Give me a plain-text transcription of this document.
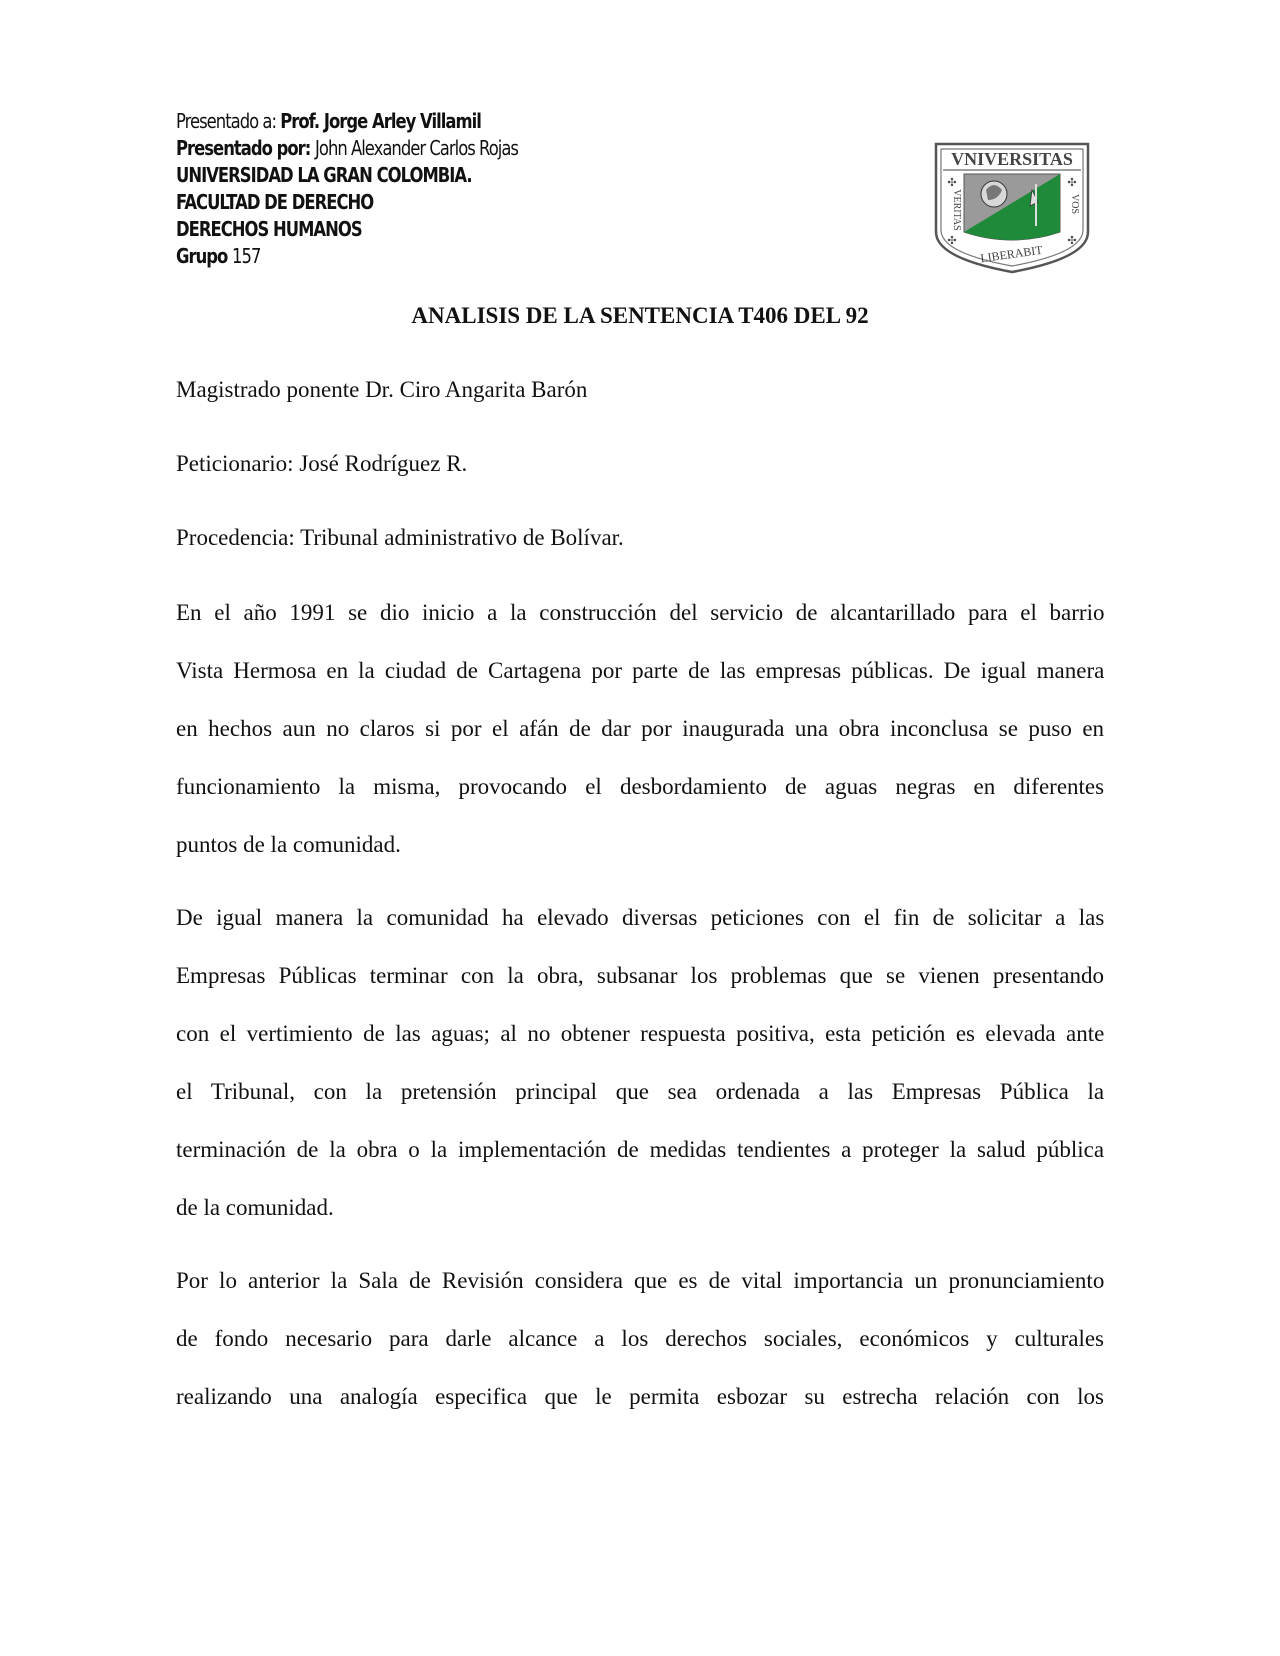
Presentado a: Prof. Jorge Arley Villamil
Presentado por: John Alexander Carlos Rojas
UNIVERSIDAD LA GRAN COLOMBIA.
FACULTAD DE DERECHO
DERECHOS HUMANOS
Grupo 157
VNIVERSITAS
VERITAS	VOS
LIBERABIT
✣	✣
✣	✣
ANALISIS DE LA SENTENCIA T406 DEL 92
Magistrado ponente Dr. Ciro Angarita Barón
Peticionario: José Rodríguez R.
Procedencia: Tribunal administrativo de Bolívar.
En el año 1991 se dio inicio a la construcción del servicio de alcantarillado para el barrio
Vista Hermosa en la ciudad de Cartagena por parte de las empresas públicas. De igual manera
en hechos aun no claros si por el afán de dar por inaugurada una obra inconclusa se puso en
funcionamiento la misma, provocando el desbordamiento de aguas negras en diferentes
puntos de la comunidad.
De igual manera la comunidad ha elevado diversas peticiones con el fin de solicitar a las
Empresas Públicas terminar con la obra, subsanar los problemas que se vienen presentando
con el vertimiento de las aguas; al no obtener respuesta positiva, esta petición es elevada ante
el Tribunal, con la pretensión principal que sea ordenada a las Empresas Pública la
terminación de la obra o la implementación de medidas tendientes a proteger la salud pública
de la comunidad.
Por lo anterior la Sala de Revisión considera que es de vital importancia un pronunciamiento
de fondo necesario para darle alcance a los derechos sociales, económicos y culturales
realizando una analogía especifica que le permita esbozar su estrecha relación con los
